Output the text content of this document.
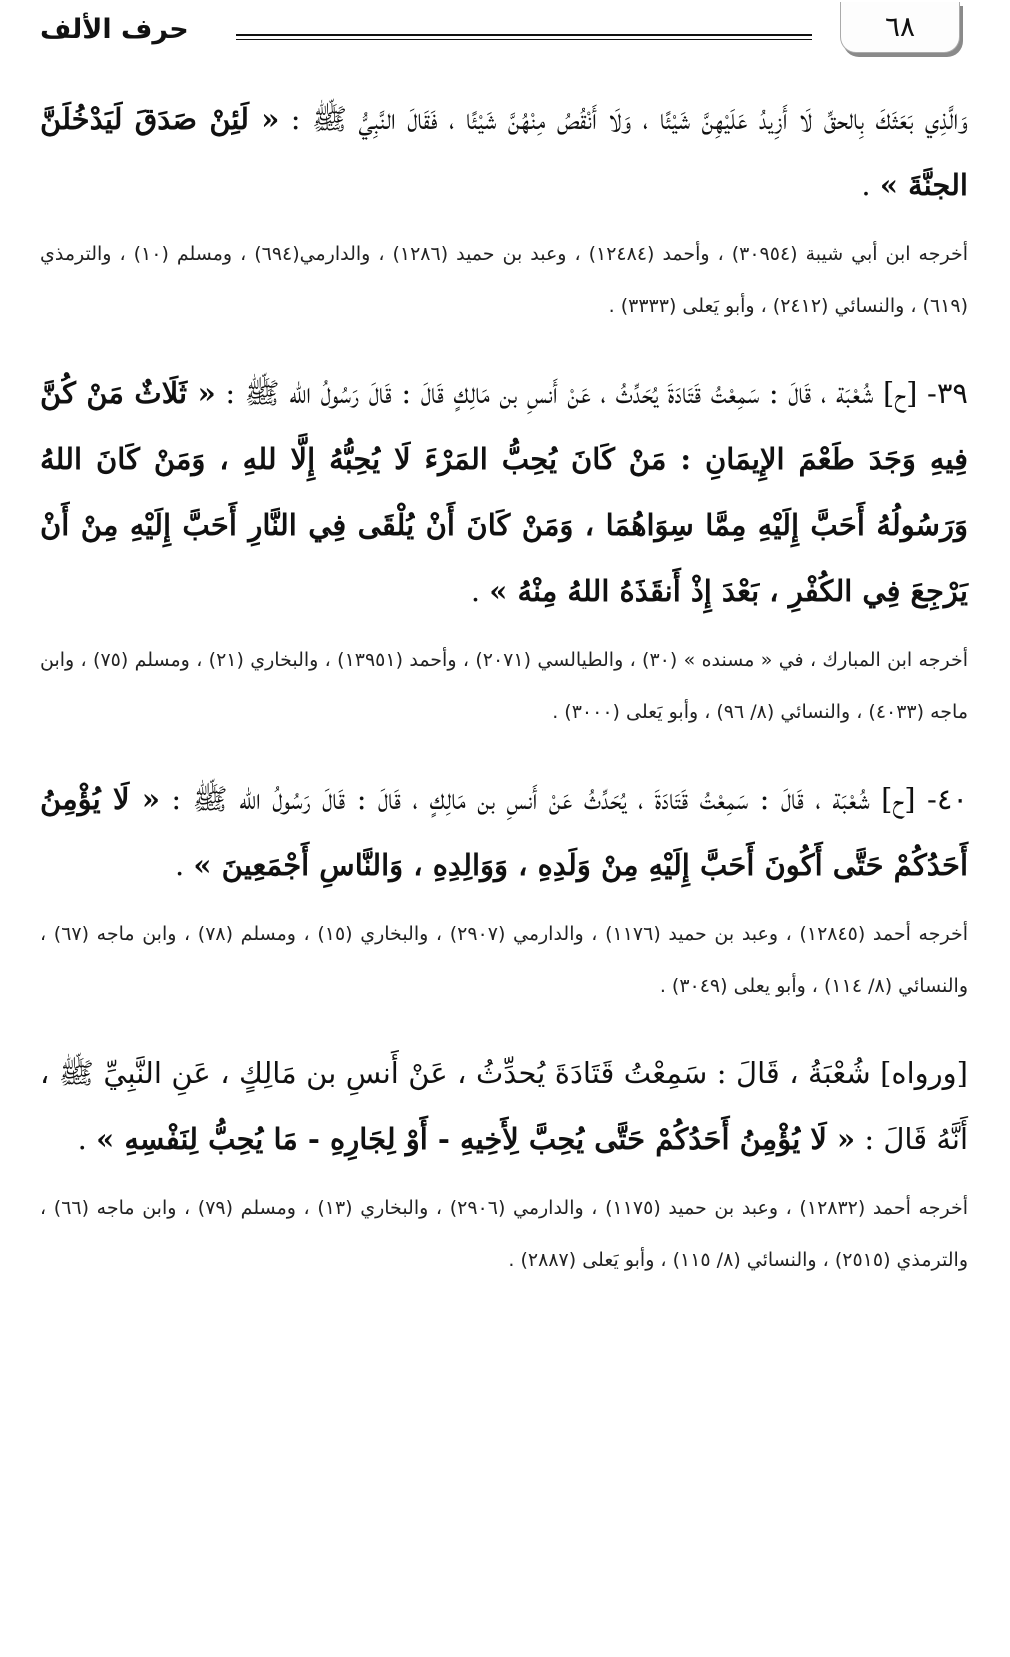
حرف الألف	٦٨

وَالَّذِي بَعَثَكَ بِالحقِّ لَا أَزِيدُ عَلَيْهِنَّ شَيْئًا ، وَلَا أَنْقُصُ مِنْهُنَّ شَيْئًا ، فَقَالَ النَّبِيُّ ﷺ : « لَئِنْ صَدَقَ لَيَدْخُلَنَّ الجنَّةَ » .

أخرجه ابن أبي شيبة (٣٠٩٥٤) ، وأحمد (١٢٤٨٤) ، وعبد بن حميد (١٢٨٦) ، والدارمي(٦٩٤) ، ومسلم (١٠) ، والترمذي (٦١٩) ، والنسائي (٢٤١٢) ، وأبو يَعلى (٣٣٣٣) .

٣٩- [ح] شُعْبَة ، قَالَ : سَمِعْتُ قَتَادَةَ يُحَدِّثُ ، عَنْ أَنسِ بن مَالِكٍ قَالَ : قَالَ رَسُولُ الله ﷺ : « ثَلَاثٌ مَنْ كُنَّ فِيهِ وَجَدَ طَعْمَ الإِيمَانِ : مَنْ كَانَ يُحِبُّ المَرْءَ لَا يُحِبُّهُ إِلَّا للهِ ، وَمَنْ كَانَ اللهُ وَرَسُولُهُ أَحَبَّ إِلَيْهِ مِمَّا سِوَاهُمَا ، وَمَنْ كَانَ أَنْ يُلْقَى فِي النَّارِ أَحَبَّ إِلَيْهِ مِنْ أَنْ يَرْجِعَ فِي الكُفْرِ ، بَعْدَ إِذْ أَنقَذَهُ اللهُ مِنْهُ » .

أخرجه ابن المبارك ، في « مسنده » (٣٠) ، والطيالسي (٢٠٧١) ، وأحمد (١٣٩٥١) ، والبخاري (٢١) ، ومسلم (٧٥) ، وابن ماجه (٤٠٣٣) ، والنسائي (٨/ ٩٦) ، وأبو يَعلى (٣٠٠٠) .

٤٠- [ح] شُعْبَة ، قَالَ : سَمِعْتُ قَتَادَةَ ، يُحَدِّثُ عَنْ أَنسِ بن مَالِكٍ ، قَالَ : قَالَ رَسُولُ الله ﷺ : « لَا يُؤْمِنُ أَحَدُكُمْ حَتَّى أَكُونَ أَحَبَّ إِلَيْهِ مِنْ وَلَدِهِ ، وَوَالِدِهِ ، وَالنَّاسِ أَجْمَعِينَ » .

أخرجه أحمد (١٢٨٤٥) ، وعبد بن حميد (١١٧٦) ، والدارمي (٢٩٠٧) ، والبخاري (١٥) ، ومسلم (٧٨) ، وابن ماجه (٦٧) ، والنسائي (٨/ ١١٤) ، وأبو يعلى (٣٠٤٩) .

[ورواه] شُعْبَةُ ، قَالَ : سَمِعْتُ قَتَادَةَ يُحدِّثُ ، عَنْ أَنسِ بن مَالِكٍ ، عَنِ النَّبِيِّ ﷺ ، أَنَّهُ قَالَ : « لَا يُؤْمِنُ أَحَدُكُمْ حَتَّى يُحِبَّ لِأَخِيهِ - أَوْ لِجَارِهِ - مَا يُحِبُّ لِنَفْسِهِ » .

أخرجه أحمد (١٢٨٣٢) ، وعبد بن حميد (١١٧٥) ، والدارمي (٢٩٠٦) ، والبخاري (١٣) ، ومسلم (٧٩) ، وابن ماجه (٦٦) ، والترمذي (٢٥١٥) ، والنسائي (٨/ ١١٥) ، وأبو يَعلى (٢٨٨٧) .
